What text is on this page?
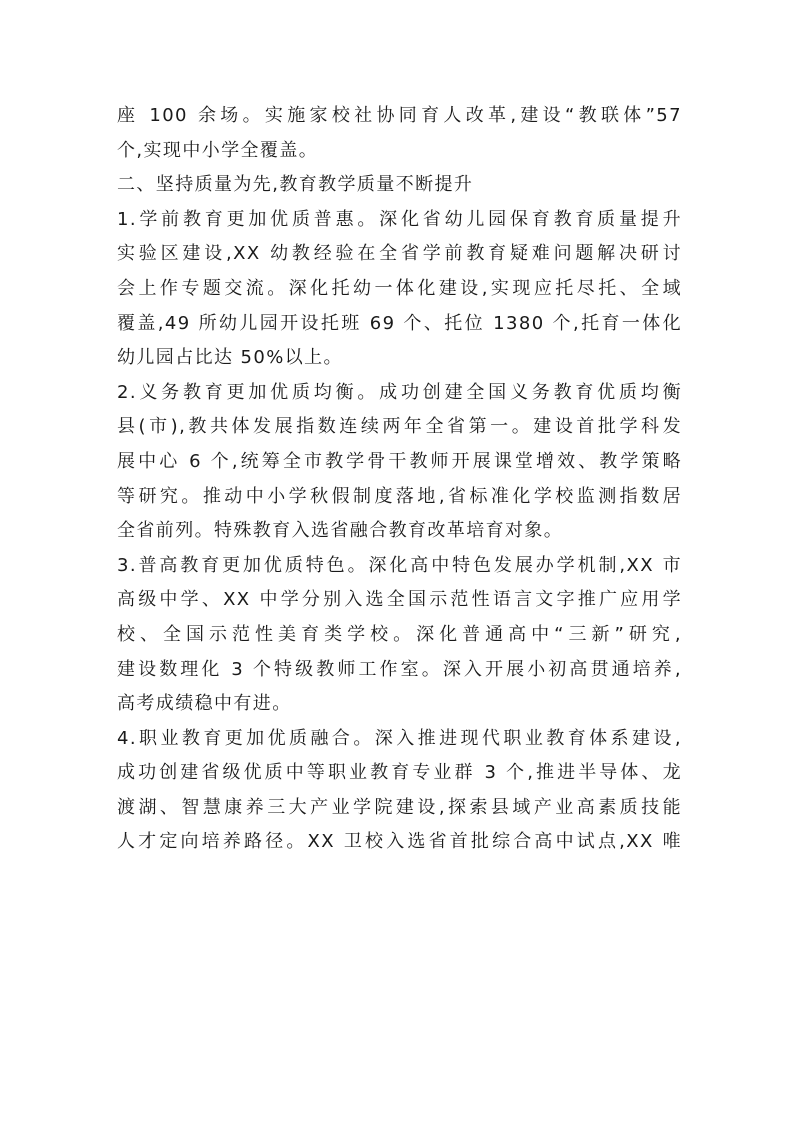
座 100 余场。实施家校社协同育人改革,建设“教联体”57
个,实现中小学全覆盖。
二、坚持质量为先,教育教学质量不断提升
1.学前教育更加优质普惠。深化省幼儿园保育教育质量提升
实验区建设,XX 幼教经验在全省学前教育疑难问题解决研讨
会上作专题交流。深化托幼一体化建设,实现应托尽托、全域
覆盖,49 所幼儿园开设托班 69 个、托位 1380 个,托育一体化
幼儿园占比达 50%以上。
2.义务教育更加优质均衡。成功创建全国义务教育优质均衡
县(市),教共体发展指数连续两年全省第一。建设首批学科发
展中心 6 个,统筹全市教学骨干教师开展课堂增效、教学策略
等研究。推动中小学秋假制度落地,省标准化学校监测指数居
全省前列。特殊教育入选省融合教育改革培育对象。
3.普高教育更加优质特色。深化高中特色发展办学机制,XX 市
高级中学、XX 中学分别入选全国示范性语言文字推广应用学
校、全国示范性美育类学校。深化普通高中“三新”研究,
建设数理化 3 个特级教师工作室。深入开展小初高贯通培养,
高考成绩稳中有进。
4.职业教育更加优质融合。深入推进现代职业教育体系建设,
成功创建省级优质中等职业教育专业群 3 个,推进半导体、龙
渡湖、智慧康养三大产业学院建设,探索县域产业高素质技能
人才定向培养路径。XX 卫校入选省首批综合高中试点,XX 唯
